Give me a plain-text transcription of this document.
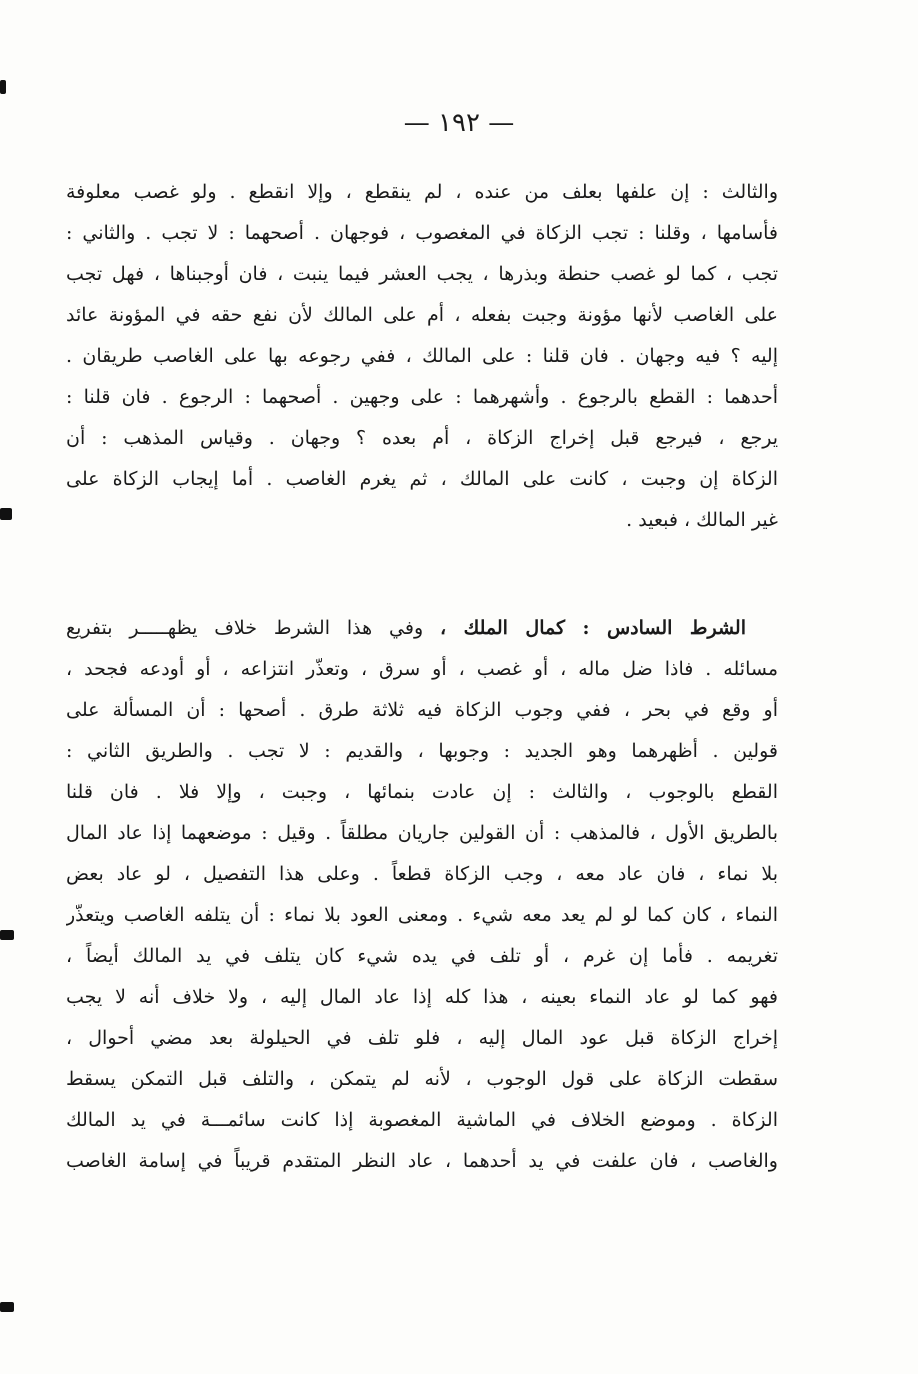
— ١٩٢ —
والثالث : إن علفها بعلف من عنده ، لم ينقطع ، وإلا انقطع . ولو غصب معلوفة
فأسامها ، وقلنا : تجب الزكاة في المغصوب ، فوجهان . أصحهما : لا تجب . والثاني :
تجب ، كما لو غصب حنطة وبذرها ، يجب العشر فيما ينبت ، فان أوجبناها ، فهل تجب
على الغاصب لأنها مؤونة وجبت بفعله ، أم على المالك لأن نفع حقه في المؤونة عائد
إليه ؟ فيه وجهان . فان قلنا : على المالك ، ففي رجوعه بها على الغاصب طريقان .
أحدهما : القطع بالرجوع . وأشهرهما : على وجهين . أصحهما : الرجوع . فان قلنا :
يرجع ، فيرجع قبل إخراج الزكاة ، أم بعده ؟ وجهان . وقياس المذهب : أن
الزكاة إن وجبت ، كانت على المالك ، ثم يغرم الغاصب . أما إيجاب الزكاة على
غير المالك ، فبعيد .
الشرط السادس : كمال الملك ، وفي هذا الشرط خلاف يظهـــــر بتفريع
مسائله . فاذا ضل ماله ، أو غصب ، أو سرق ، وتعذّر انتزاعه ، أو أودعه فجحد ،
أو وقع في بحر ، ففي وجوب الزكاة فيه ثلاثة طرق . أصحها : أن المسألة على
قولين . أظهرهما وهو الجديد : وجوبها ، والقديم : لا تجب . والطريق الثاني :
القطع بالوجوب ، والثالث : إن عادت بنمائها ، وجبت ، وإلا فلا . فان قلنا
بالطريق الأول ، فالمذهب : أن القولين جاريان مطلقاً . وقيل : موضعهما إذا عاد المال
بلا نماء ، فان عاد معه ، وجب الزكاة قطعاً . وعلى هذا التفصيل ، لو عاد بعض
النماء ، كان كما لو لم يعد معه شيء . ومعنى العود بلا نماء : أن يتلفه الغاصب ويتعذّر
تغريمه . فأما إن غرم ، أو تلف في يده شيء كان يتلف في يد المالك أيضاً ،
فهو كما لو عاد النماء بعينه ، هذا كله إذا عاد المال إليه ، ولا خلاف أنه لا يجب
إخراج الزكاة قبل عود المال إليه ، فلو تلف في الحيلولة بعد مضي أحوال ،
سقطت الزكاة على قول الوجوب ، لأنه لم يتمكن ، والتلف قبل التمكن يسقط
الزكاة . وموضع الخلاف في الماشية المغصوبة إذا كانت سائمـــة في يد المالك
والغاصب ، فان علفت في يد أحدهما ، عاد النظر المتقدم قريباً في إسامة الغاصب
